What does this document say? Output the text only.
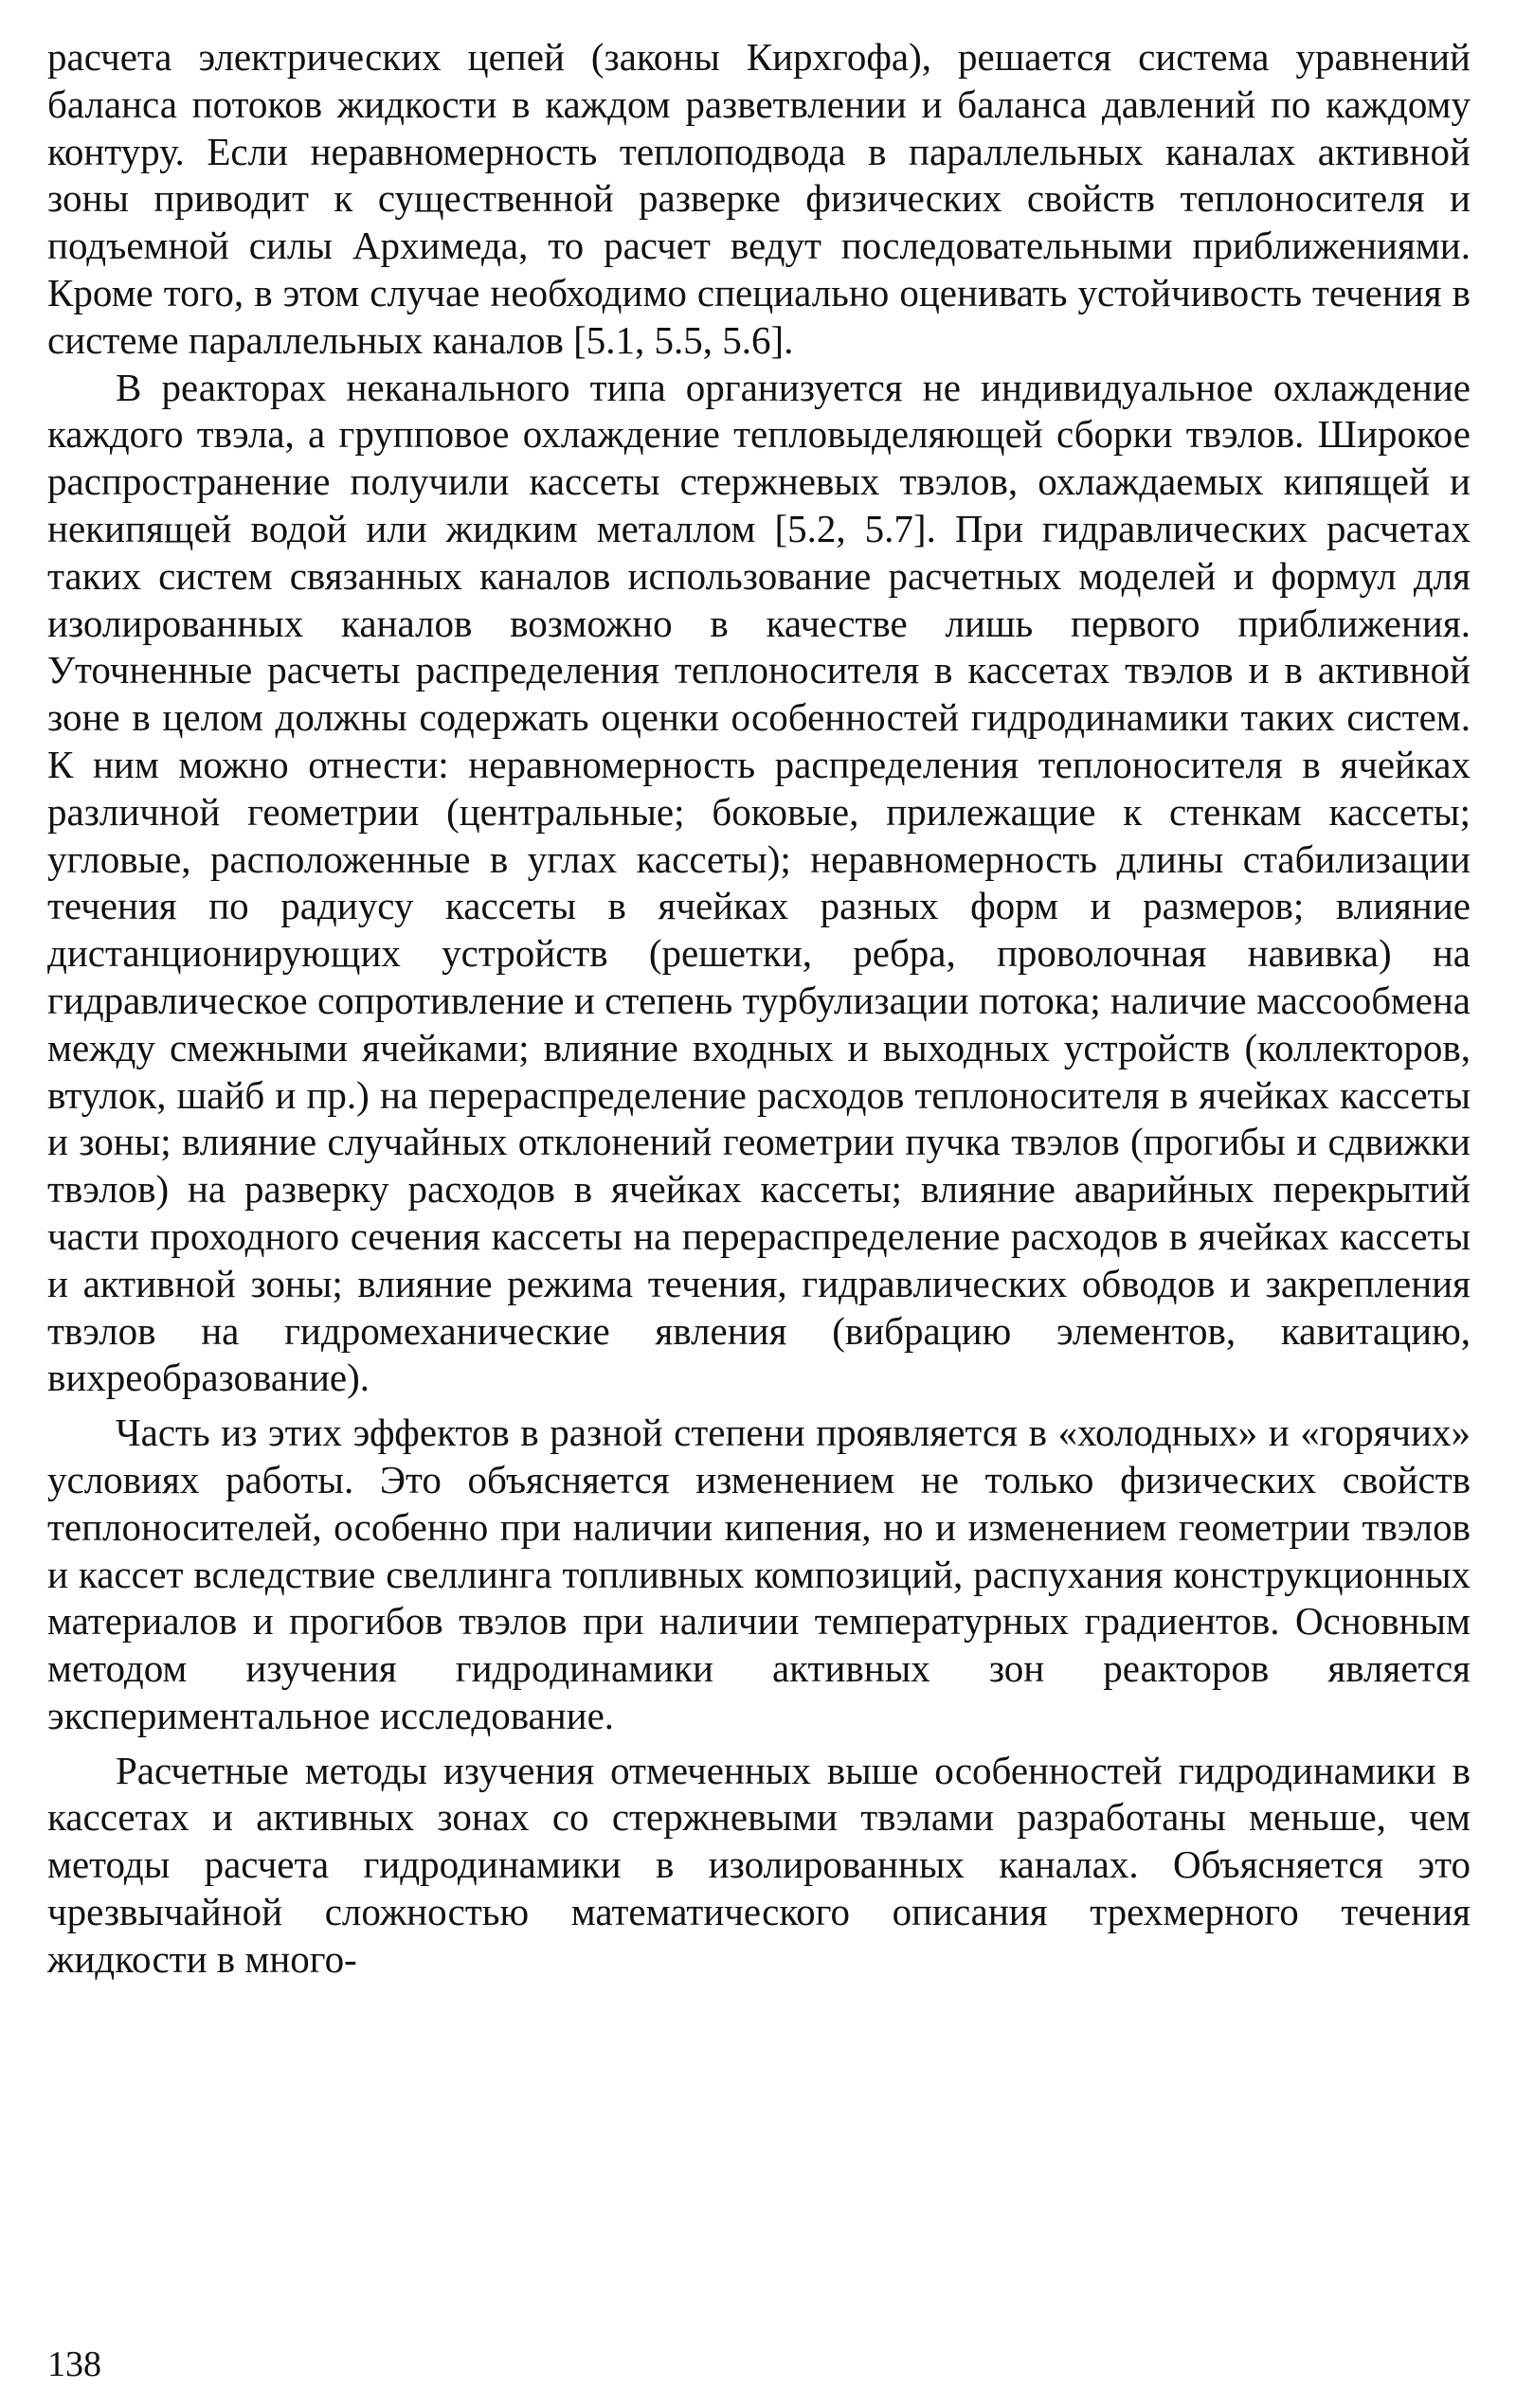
расчета электрических цепей (законы Кирхгофа), решается система уравнений баланса потоков жидкости в каждом разветвлении и баланса давлений по каждому контуру. Если неравномерность теплоподвода в параллельных каналах активной зоны приводит к существенной разверке физических свойств теплоносителя и подъемной силы Архимеда, то расчет ведут последовательными приближениями. Кроме того, в этом случае необходимо специально оценивать устойчивость течения в системе параллельных каналов [5.1, 5.5, 5.6].

В реакторах неканального типа организуется не индивидуальное охлаждение каждого твэла, а групповое охлаждение тепловыделяющей сборки твэлов. Широкое распространение получили кассеты стержневых твэлов, охлаждаемых кипящей и некипящей водой или жидким металлом [5.2, 5.7]. При гидравлических расчетах таких систем связанных каналов использование расчетных моделей и формул для изолированных каналов возможно в качестве лишь первого приближения. Уточненные расчеты распределения теплоносителя в кассетах твэлов и в активной зоне в целом должны содержать оценки особенностей гидродинамики таких систем. К ним можно отнести: неравномерность распределения теплоносителя в ячейках различной геометрии (центральные; боковые, прилежащие к стенкам кассеты; угловые, расположенные в углах кассеты); неравномерность длины стабилизации течения по радиусу кассеты в ячейках разных форм и размеров; влияние дистанционирующих устройств (решетки, ребра, проволочная навивка) на гидравлическое сопротивление и степень турбулизации потока; наличие массообмена между смежными ячейками; влияние входных и выходных устройств (коллекторов, втулок, шайб и пр.) на перераспределение расходов теплоносителя в ячейках кассеты и зоны; влияние случайных отклонений геометрии пучка твэлов (прогибы и сдвижки твэлов) на разверку расходов в ячейках кассеты; влияние аварийных перекрытий части проходного сечения кассеты на перераспределение расходов в ячейках кассеты и активной зоны; влияние режима течения, гидравлических обводов и закрепления твэлов на гидромеханические явления (вибрацию элементов, кавитацию, вихреобразование).

Часть из этих эффектов в разной степени проявляется в «холодных» и «горячих» условиях работы. Это объясняется изменением не только физических свойств теплоносителей, особенно при наличии кипения, но и изменением геометрии твэлов и кассет вследствие свеллинга топливных композиций, распухания конструкционных материалов и прогибов твэлов при наличии температурных градиентов. Основным методом изучения гидродинамики активных зон реакторов является экспериментальное исследование.

Расчетные методы изучения отмеченных выше особенностей гидродинамики в кассетах и активных зонах со стержневыми твэлами разработаны меньше, чем методы расчета гидродинамики в изолированных каналах. Объясняется это чрезвычайной сложностью математического описания трехмерного течения жидкости в много-

138
